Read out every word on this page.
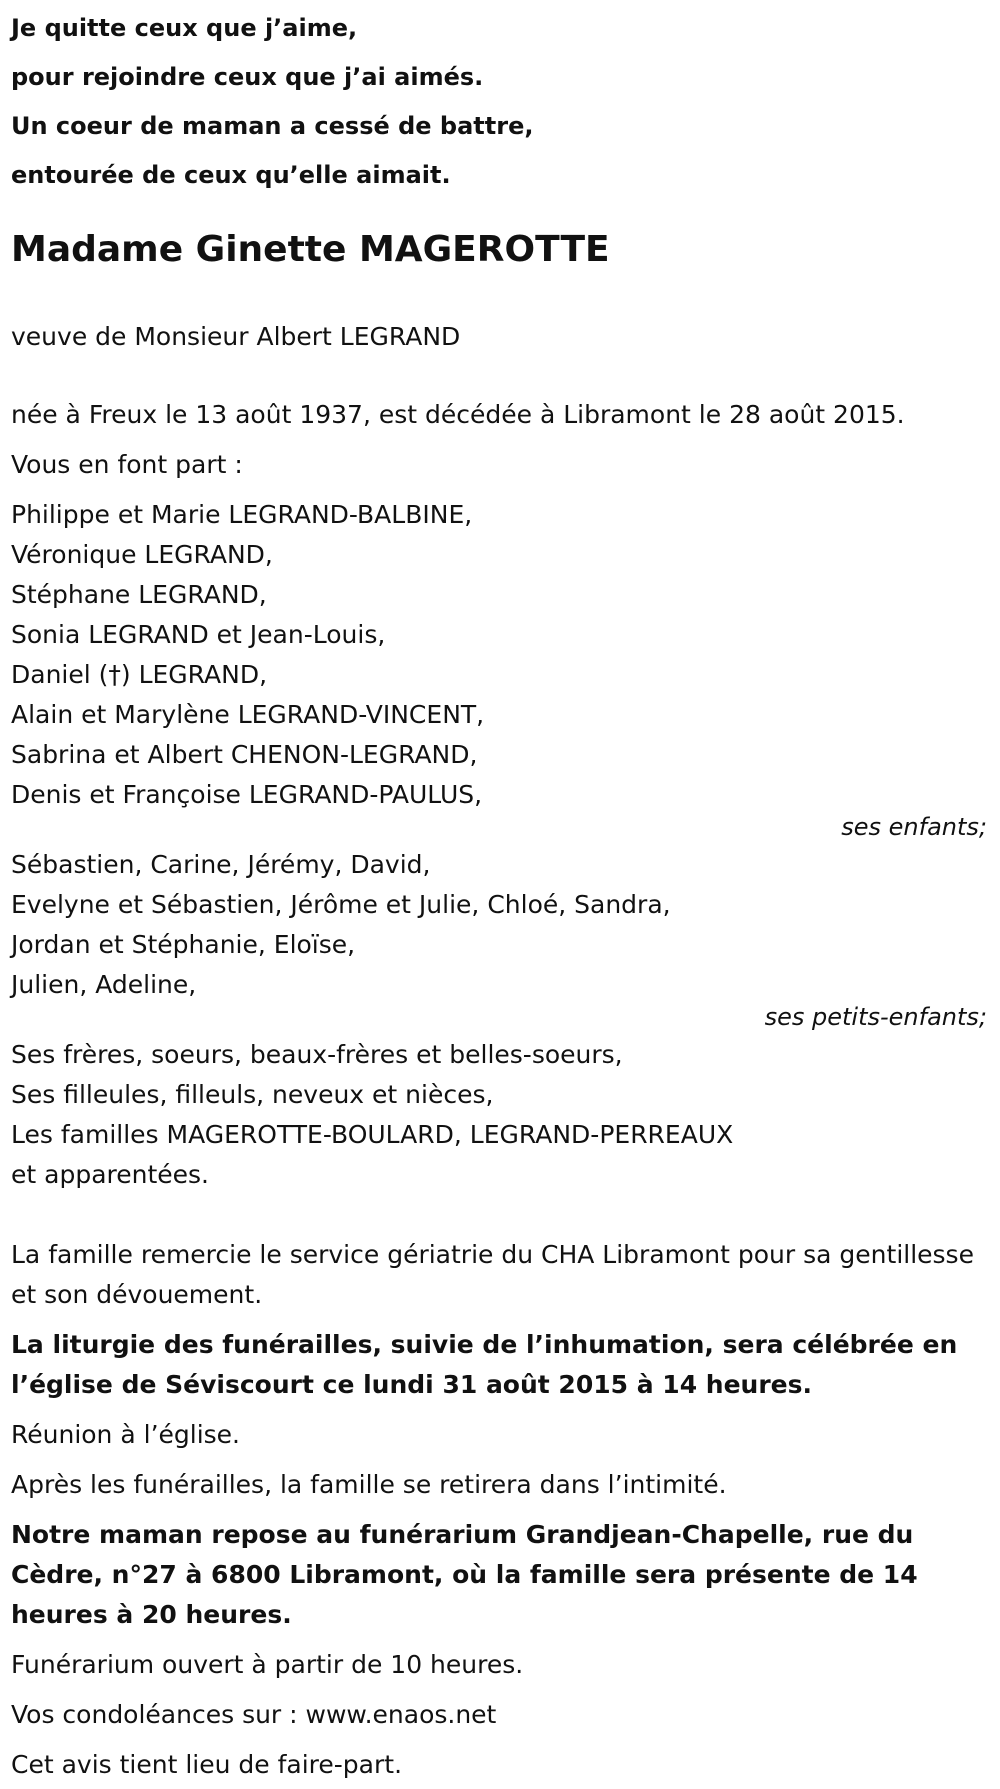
Je quitte ceux que j’aime,
pour rejoindre ceux que j’ai aimés.
Un coeur de maman a cessé de battre,
entourée de ceux qu’elle aimait.
Madame Ginette MAGEROTTE

veuve de Monsieur Albert LEGRAND

née à Freux le 13 août 1937, est décédée à Libramont le 28 août 2015.

Vous en font part :

Philippe et Marie LEGRAND-BALBINE,
Véronique LEGRAND,
Stéphane LEGRAND,
Sonia LEGRAND et Jean-Louis,
Daniel (†) LEGRAND,
Alain et Marylène LEGRAND-VINCENT,
Sabrina et Albert CHENON-LEGRAND,
Denis et Françoise LEGRAND-PAULUS,
ses enfants;
Sébastien, Carine, Jérémy, David,
Evelyne et Sébastien, Jérôme et Julie, Chloé, Sandra,
Jordan et Stéphanie, Eloïse,
Julien, Adeline,
ses petits-enfants;
Ses frères, soeurs, beaux-frères et belles-soeurs,
Ses filleules, filleuls, neveux et nièces,
Les familles MAGEROTTE-BOULARD, LEGRAND-PERREAUX
et apparentées.

La famille remercie le service gériatrie du CHA Libramont pour sa gentillesse et son dévouement.

La liturgie des funérailles, suivie de l’inhumation, sera célébrée en l’église de Séviscourt ce lundi 31 août 2015 à 14 heures.

Réunion à l’église.

Après les funérailles, la famille se retirera dans l’intimité.

Notre maman repose au funérarium Grandjean-Chapelle, rue du Cèdre, n°27 à 6800 Libramont, où la famille sera présente de 14 heures à 20 heures.

Funérarium ouvert à partir de 10 heures.

Vos condoléances sur : www.enaos.net

Cet avis tient lieu de faire-part.
